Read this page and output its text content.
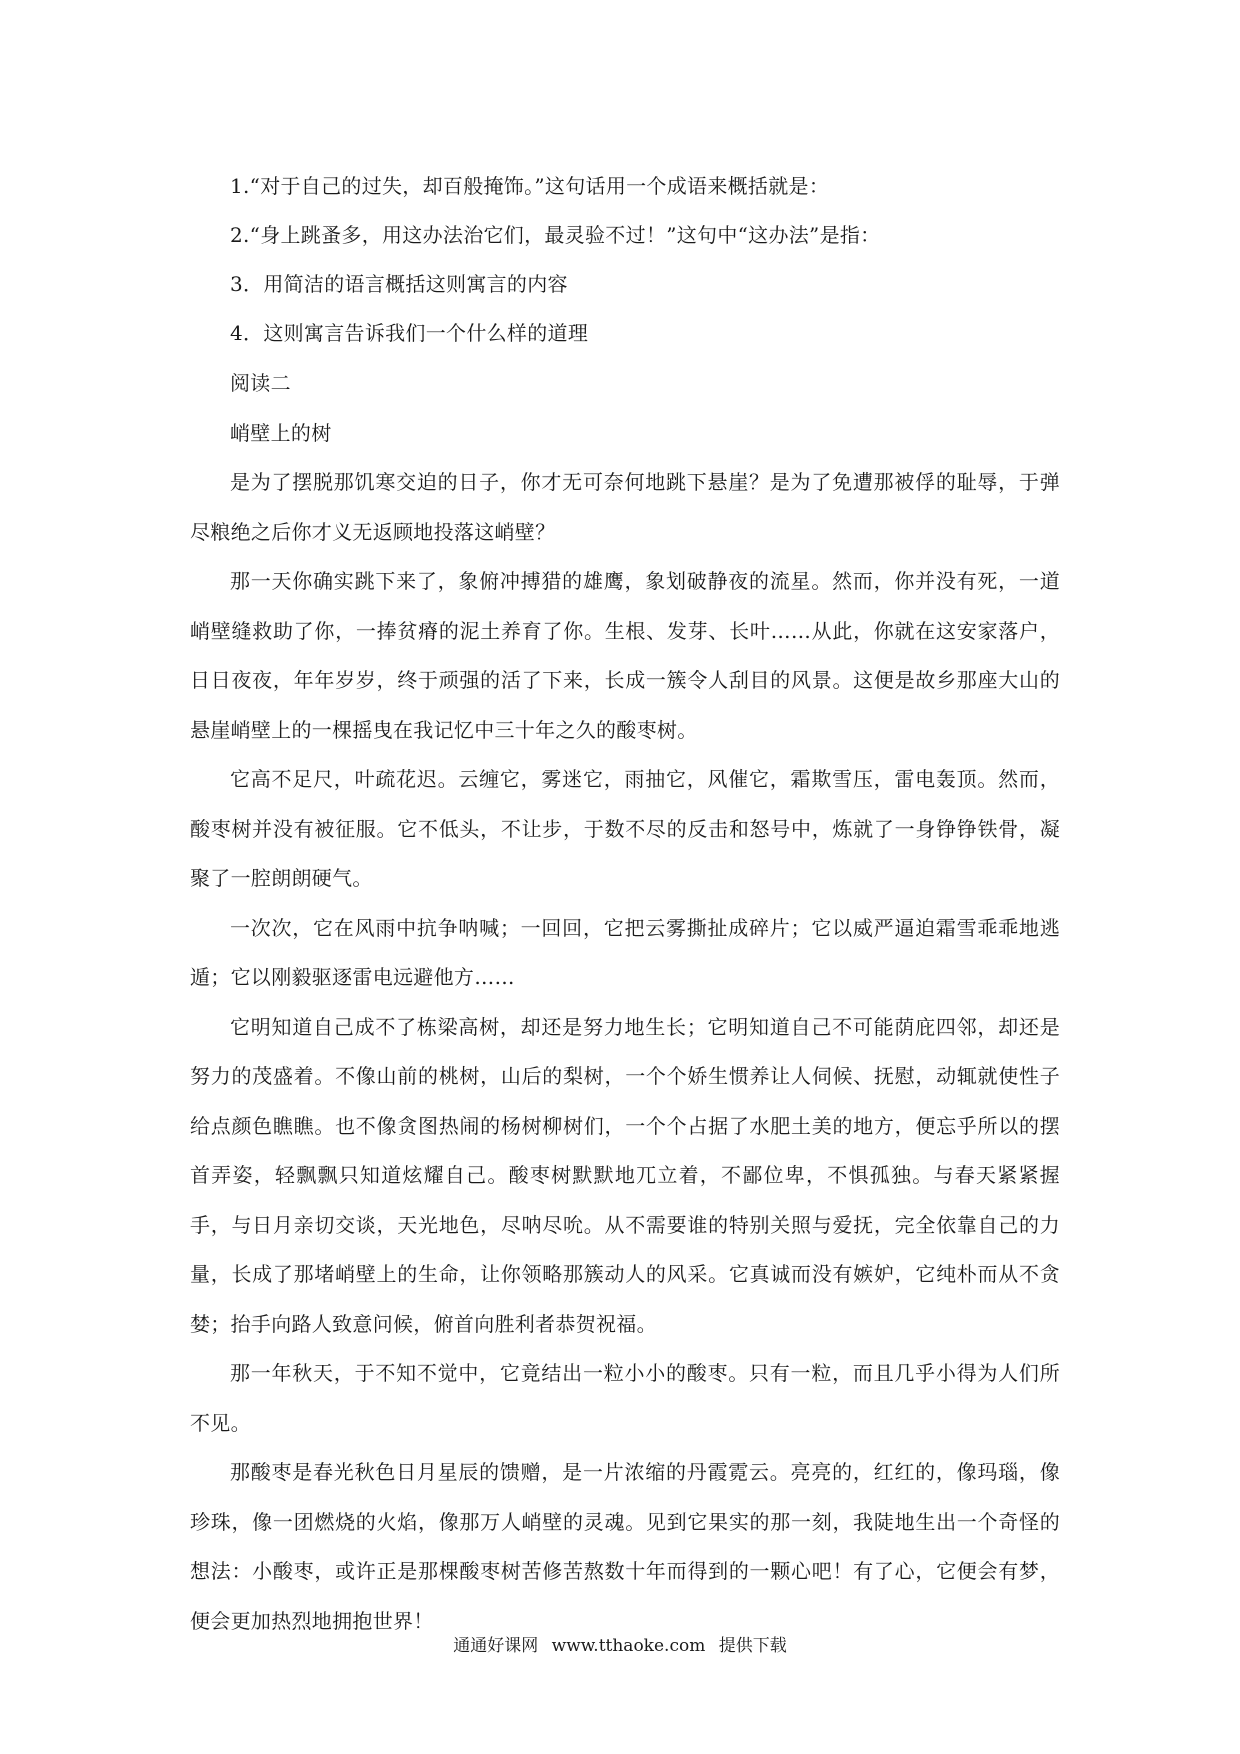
1.“对于自己的过失，却百般掩饰。”这句话用一个成语来概括就是：

2.“身上跳蚤多，用这办法治它们，最灵验不过！”这句中“这办法”是指：

3．用简洁的语言概括这则寓言的内容

4．这则寓言告诉我们一个什么样的道理

阅读二

峭壁上的树

是为了摆脱那饥寒交迫的日子，你才无可奈何地跳下悬崖？是为了免遭那被俘的耻辱，于弹尽粮绝之后你才义无返顾地投落这峭壁？

那一天你确实跳下来了，象俯冲搏猎的雄鹰，象划破静夜的流星。然而，你并没有死，一道峭壁缝救助了你，一捧贫瘠的泥土养育了你。生根、发芽、长叶……从此，你就在这安家落户，日日夜夜，年年岁岁，终于顽强的活了下来，长成一簇令人刮目的风景。这便是故乡那座大山的悬崖峭壁上的一棵摇曳在我记忆中三十年之久的酸枣树。

它高不足尺，叶疏花迟。云缠它，雾迷它，雨抽它，风催它，霜欺雪压，雷电轰顶。然而，酸枣树并没有被征服。它不低头，不让步，于数不尽的反击和怒号中，炼就了一身铮铮铁骨，凝聚了一腔朗朗硬气。

一次次，它在风雨中抗争呐喊；一回回，它把云雾撕扯成碎片；它以威严逼迫霜雪乖乖地逃遁；它以刚毅驱逐雷电远避他方……

它明知道自己成不了栋梁高树，却还是努力地生长；它明知道自己不可能荫庇四邻，却还是努力的茂盛着。不像山前的桃树，山后的梨树，一个个娇生惯养让人伺候、抚慰，动辄就使性子给点颜色瞧瞧。也不像贪图热闹的杨树柳树们，一个个占据了水肥土美的地方，便忘乎所以的摆首弄姿，轻飘飘只知道炫耀自己。酸枣树默默地兀立着，不鄙位卑，不惧孤独。与春天紧紧握手，与日月亲切交谈，天光地色，尽呐尽吮。从不需要谁的特别关照与爱抚，完全依靠自己的力量，长成了那堵峭壁上的生命，让你领略那簇动人的风采。它真诚而没有嫉妒，它纯朴而从不贪婪；抬手向路人致意问候，俯首向胜利者恭贺祝福。

那一年秋天，于不知不觉中，它竟结出一粒小小的酸枣。只有一粒，而且几乎小得为人们所不见。

那酸枣是春光秋色日月星辰的馈赠，是一片浓缩的丹霞霓云。亮亮的，红红的，像玛瑙，像珍珠，像一团燃烧的火焰，像那万人峭壁的灵魂。见到它果实的那一刻，我陡地生出一个奇怪的想法：小酸枣，或许正是那棵酸枣树苦修苦熬数十年而得到的一颗心吧！有了心，它便会有梦，便会更加热烈地拥抱世界！

通通好课网 www.tthaoke.com 提供下载
